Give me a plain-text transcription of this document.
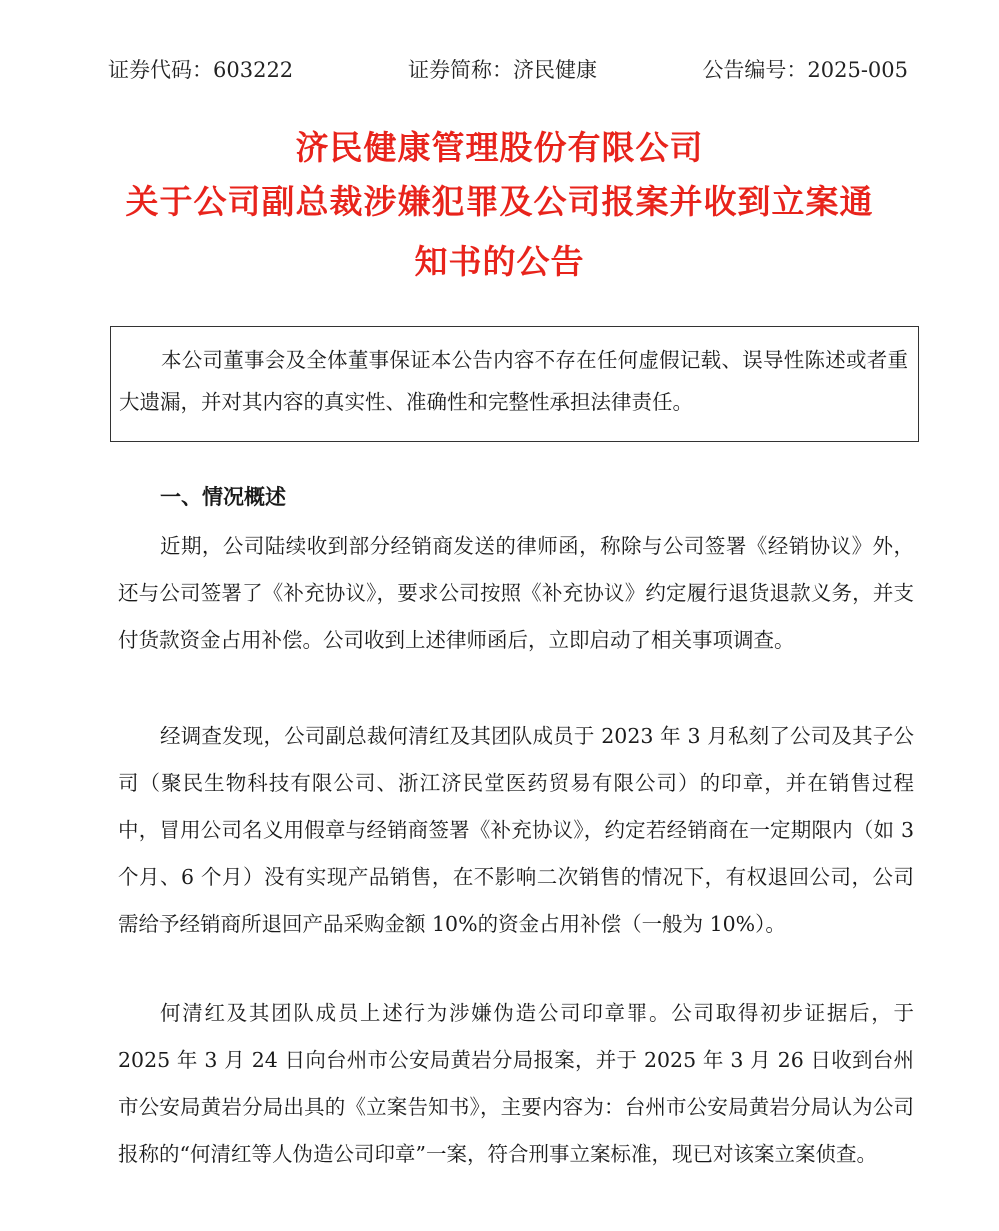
证券代码：603222	证券简称：济民健康	公告编号：2025-005
济民健康管理股份有限公司
关于公司副总裁涉嫌犯罪及公司报案并收到立案通
知书的公告
本公司董事会及全体董事保证本公告内容不存在任何虚假记载、误导性陈述或者重大遗漏，并对其内容的真实性、准确性和完整性承担法律责任。
一、情况概述

近期，公司陆续收到部分经销商发送的律师函，称除与公司签署《经销协议》外，还与公司签署了《补充协议》，要求公司按照《补充协议》约定履行退货退款义务，并支付货款资金占用补偿。公司收到上述律师函后，立即启动了相关事项调查。

经调查发现，公司副总裁何清红及其团队成员于 2023 年 3 月私刻了公司及其子公司（聚民生物科技有限公司、浙江济民堂医药贸易有限公司）的印章，并在销售过程中，冒用公司名义用假章与经销商签署《补充协议》，约定若经销商在一定期限内（如 3 个月、6 个月）没有实现产品销售，在不影响二次销售的情况下，有权退回公司，公司需给予经销商所退回产品采购金额 10%的资金占用补偿（一般为 10%）。

何清红及其团队成员上述行为涉嫌伪造公司印章罪。公司取得初步证据后，于 2025 年 3 月 24 日向台州市公安局黄岩分局报案，并于 2025 年 3 月 26 日收到台州市公安局黄岩分局出具的《立案告知书》，主要内容为：台州市公安局黄岩分局认为公司报称的“何清红等人伪造公司印章”一案，符合刑事立案标准，现已对该案立案侦查。
